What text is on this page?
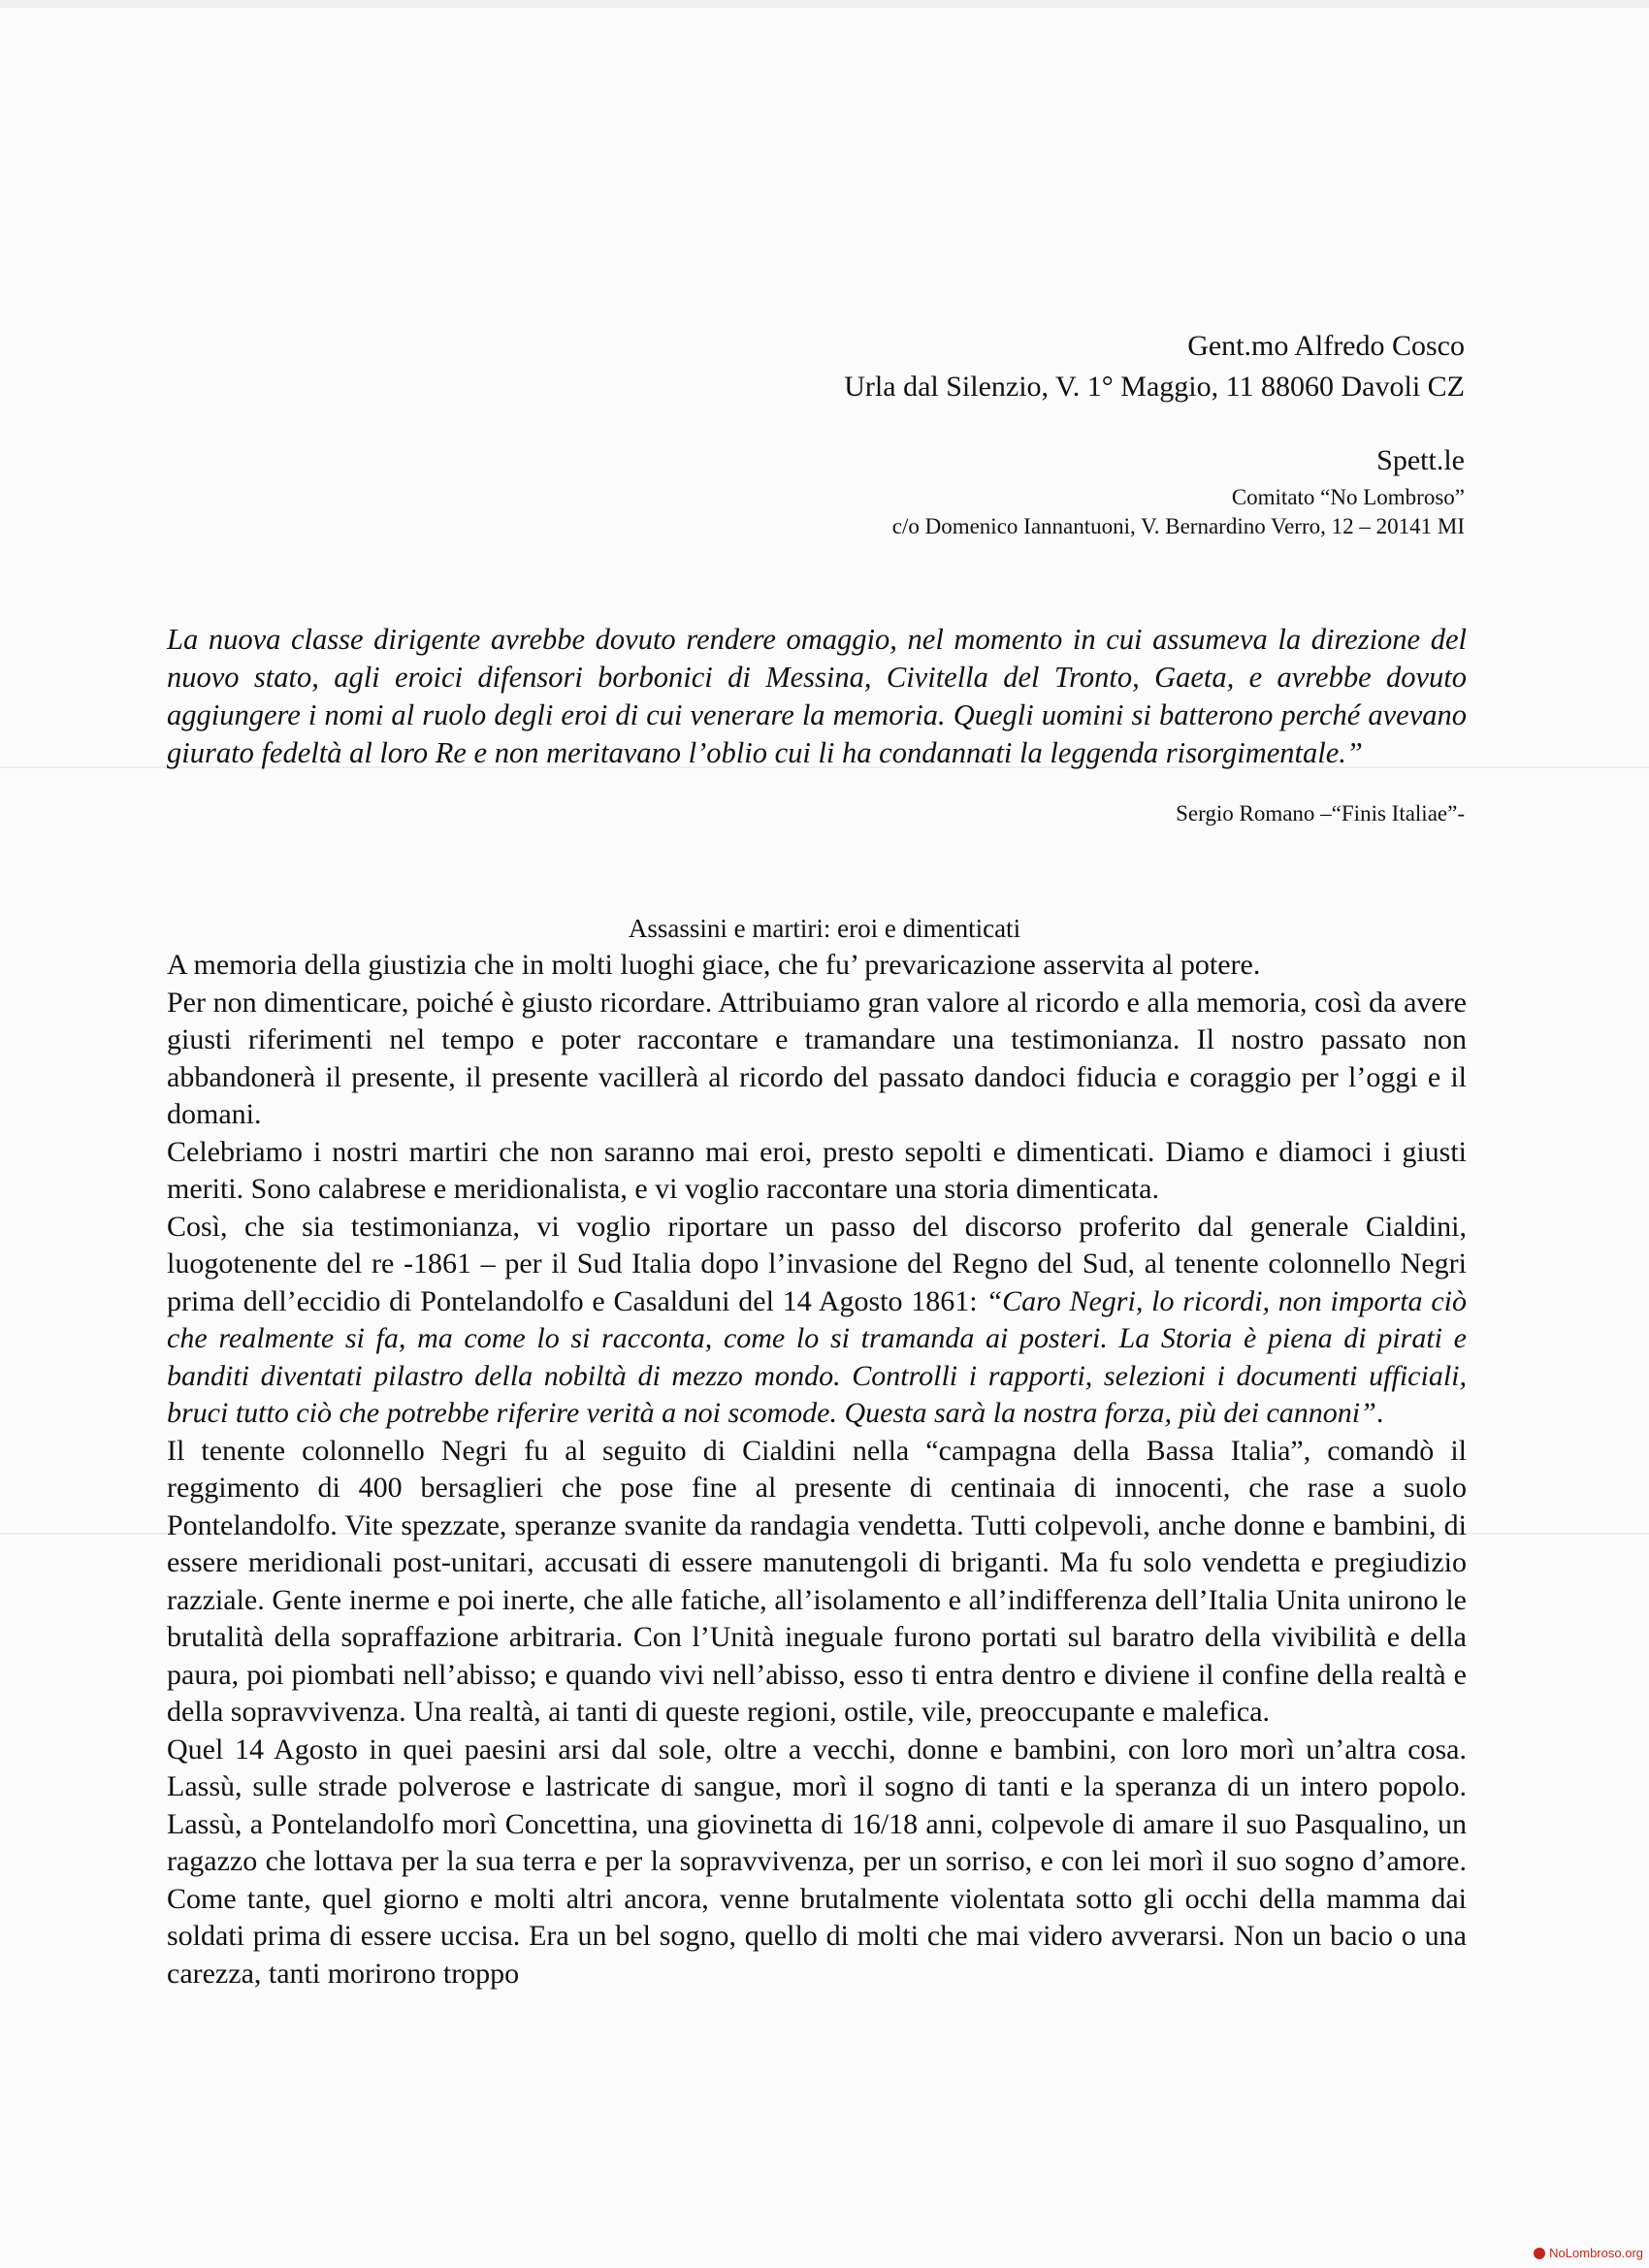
Gent.mo Alfredo Cosco
Urla dal Silenzio, V. 1° Maggio, 11 88060 Davoli CZ
Spett.le
Comitato “No Lombroso”
c/o Domenico Iannantuoni, V. Bernardino Verro, 12 – 20141 MI

La nuova classe dirigente avrebbe dovuto rendere omaggio, nel momento in cui assumeva la direzione del nuovo stato, agli eroici difensori borbonici di Messina, Civitella del Tronto, Gaeta, e avrebbe dovuto aggiungere i nomi al ruolo degli eroi di cui venerare la memoria. Quegli uomini si batterono perché avevano giurato fedeltà al loro Re e non meritavano l’oblio cui li ha condannati la leggenda risorgimentale.”

Sergio Romano –“Finis Italiae”-
Assassini e martiri: eroi e dimenticati

A memoria della giustizia che in molti luoghi giace, che fu’ prevaricazione asservita al potere.

Per non dimenticare, poiché è giusto ricordare. Attribuiamo gran valore al ricordo e alla memoria, così da avere giusti riferimenti nel tempo e poter raccontare e tramandare una testimonianza. Il nostro passato non abbandonerà il presente, il presente vacillerà al ricordo del passato dandoci fiducia e coraggio per l’oggi e il domani.

Celebriamo i nostri martiri che non saranno mai eroi, presto sepolti e dimenticati. Diamo e diamoci i giusti meriti. Sono calabrese e meridionalista, e vi voglio raccontare una storia dimenticata.

Così, che sia testimonianza, vi voglio riportare un passo del discorso proferito dal generale Cialdini, luogotenente del re -1861 – per il Sud Italia dopo l’invasione del Regno del Sud, al tenente colonnello Negri prima dell’eccidio di Pontelandolfo e Casalduni del 14 Agosto 1861: “Caro Negri, lo ricordi, non importa ciò che realmente si fa, ma come lo si racconta, come lo si tramanda ai posteri. La Storia è piena di pirati e banditi diventati pilastro della nobiltà di mezzo mondo. Controlli i rapporti, selezioni i documenti ufficiali, bruci tutto ciò che potrebbe riferire verità a noi scomode. Questa sarà la nostra forza, più dei cannoni”.

Il tenente colonnello Negri fu al seguito di Cialdini nella “campagna della Bassa Italia”, comandò il reggimento di 400 bersaglieri che pose fine al presente di centinaia di innocenti, che rase a suolo Pontelandolfo. Vite spezzate, speranze svanite da randagia vendetta. Tutti colpevoli, anche donne e bambini, di essere meridionali post-unitari, accusati di essere manutengoli di briganti. Ma fu solo vendetta e pregiudizio razziale. Gente inerme e poi inerte, che alle fatiche, all’isolamento e all’indifferenza dell’Italia Unita unirono le brutalità della sopraffazione arbitraria. Con l’Unità ineguale furono portati sul baratro della vivibilità e della paura, poi piombati nell’abisso; e quando vivi nell’abisso, esso ti entra dentro e diviene il confine della realtà e della sopravvivenza. Una realtà, ai tanti di queste regioni, ostile, vile, preoccupante e malefica.

Quel 14 Agosto in quei paesini arsi dal sole, oltre a vecchi, donne e bambini, con loro morì un’altra cosa. Lassù, sulle strade polverose e lastricate di sangue, morì il sogno di tanti e la speranza di un intero popolo. Lassù, a Pontelandolfo morì Concettina, una giovinetta di 16/18 anni, colpevole di amare il suo Pasqualino, un ragazzo che lottava per la sua terra e per la sopravvivenza, per un sorriso, e con lei morì il suo sogno d’amore. Come tante, quel giorno e molti altri ancora, venne brutalmente violentata sotto gli occhi della mamma dai soldati prima di essere uccisa. Era un bel sogno, quello di molti che mai videro avverarsi. Non un bacio o una carezza, tanti morirono troppo

NoLombroso.org
